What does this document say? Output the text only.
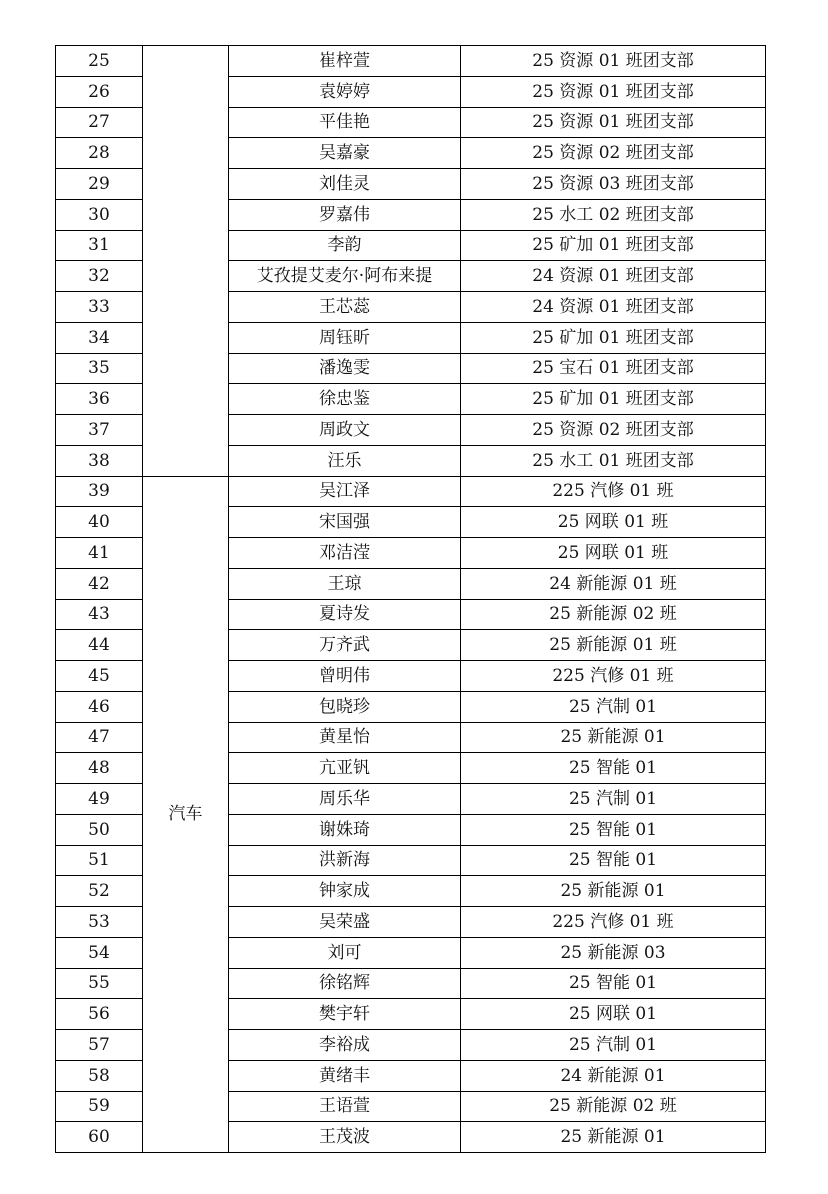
25		崔梓萱	25 资源 01 班团支部
26		袁婷婷	25 资源 01 班团支部
27		平佳艳	25 资源 01 班团支部
28		吴嘉豪	25 资源 02 班团支部
29		刘佳灵	25 资源 03 班团支部
30		罗嘉伟	25 水工 02 班团支部
31		李韵	25 矿加 01 班团支部
32		艾孜提艾麦尔·阿布来提	24 资源 01 班团支部
33		王芯蕊	24 资源 01 班团支部
34		周钰昕	25 矿加 01 班团支部
35		潘逸雯	25 宝石 01 班团支部
36		徐忠鉴	25 矿加 01 班团支部
37		周政文	25 资源 02 班团支部
38		汪乐	25 水工 01 班团支部
39	汽车	吴江泽	225 汽修 01 班
40		宋国强	25 网联 01 班
41		邓洁滢	25 网联 01 班
42		王琼	24 新能源 01 班
43		夏诗发	25 新能源 02 班
44		万齐武	25 新能源 01 班
45		曾明伟	225 汽修 01 班
46		包晓珍	25 汽制 01
47		黄星怡	25 新能源 01
48		亢亚钒	25 智能 01
49		周乐华	25 汽制 01
50		谢姝琦	25 智能 01
51		洪新海	25 智能 01
52		钟家成	25 新能源 01
53		吴荣盛	225 汽修 01 班
54		刘可	25 新能源 03
55		徐铭辉	25 智能 01
56		樊宇轩	25 网联 01
57		李裕成	25 汽制 01
58		黄绪丰	24 新能源 01
59		王语萱	25 新能源 02 班
60		王茂波	25 新能源 01
